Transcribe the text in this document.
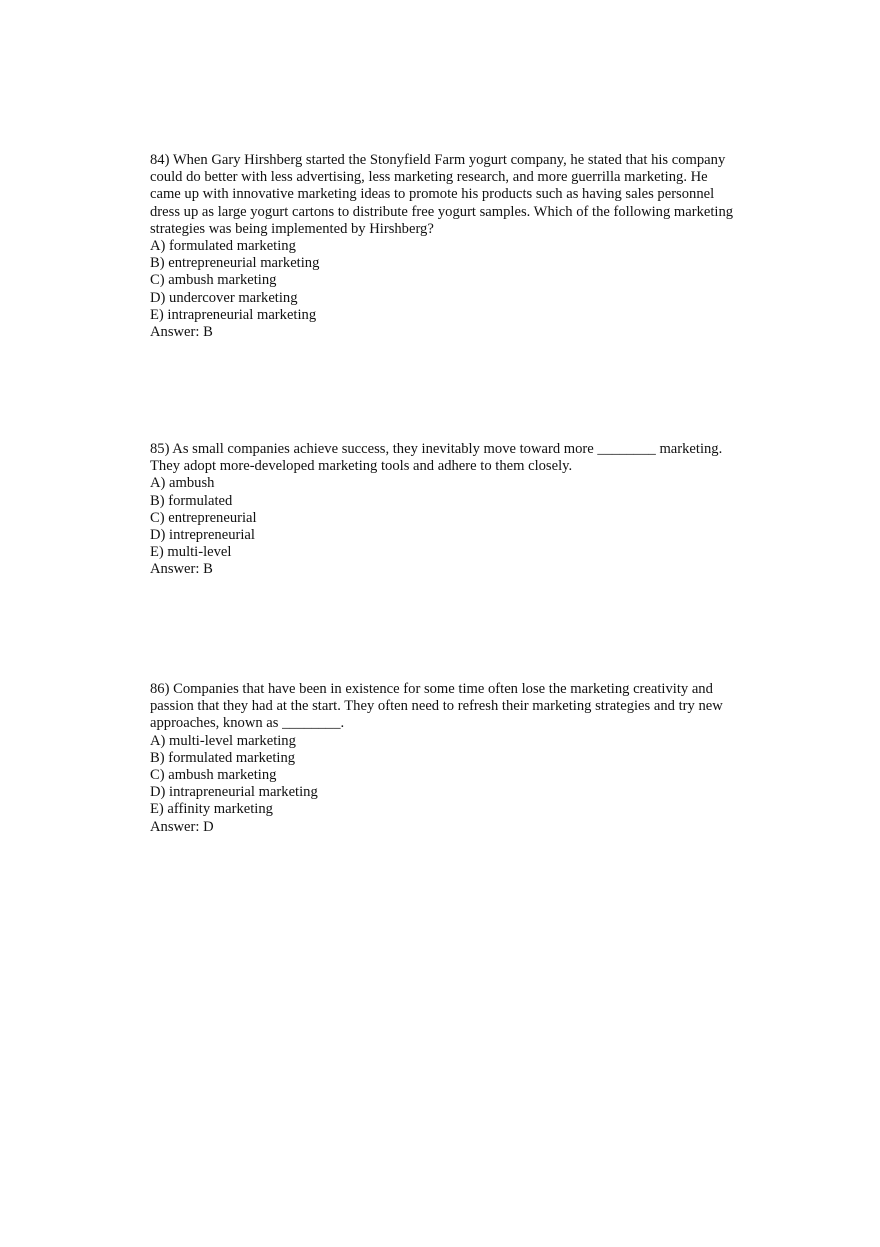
84) When Gary Hirshberg started the Stonyfield Farm yogurt company, he stated that his company could do better with less advertising, less marketing research, and more guerrilla marketing. He came up with innovative marketing ideas to promote his products such as having sales personnel dress up as large yogurt cartons to distribute free yogurt samples. Which of the following marketing strategies was being implemented by Hirshberg?

A) formulated marketing
B) entrepreneurial marketing
C) ambush marketing
D) undercover marketing
E) intrapreneurial marketing

Answer: B

85) As small companies achieve success, they inevitably move toward more ________ marketing. They adopt more-developed marketing tools and adhere to them closely.

A) ambush
B) formulated
C) entrepreneurial
D) intrepreneurial
E) multi-level

Answer: B

86) Companies that have been in existence for some time often lose the marketing creativity and passion that they had at the start. They often need to refresh their marketing strategies and try new approaches, known as ________.

A) multi-level marketing
B) formulated marketing
C) ambush marketing
D) intrapreneurial marketing
E) affinity marketing

Answer: D
